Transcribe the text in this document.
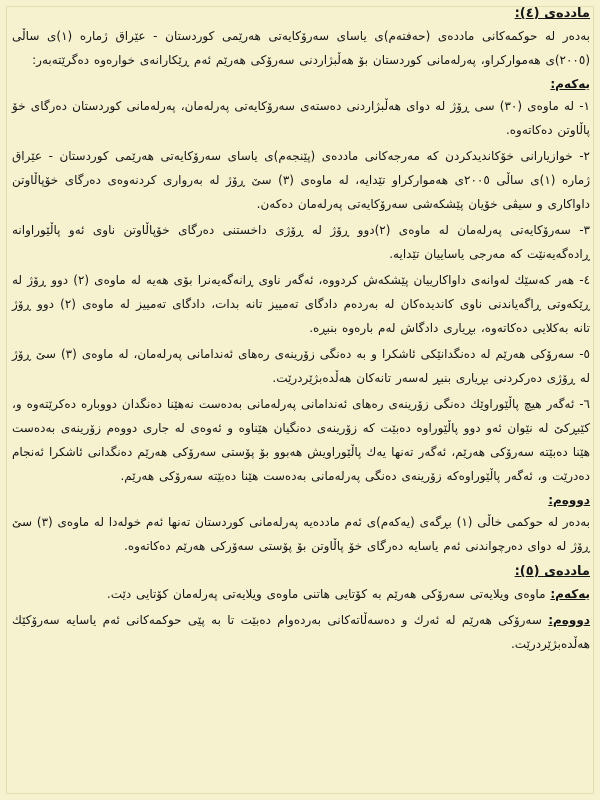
ماددەی (٤):

بەدەر لە حوکمەکانی ماددەی (حەفتەم)ی یاسای سەرۆکایەتی هەرێمی کوردستان - عێراق ژمارە (١)ی ساڵی (٢٠٠٥)ی هەموارکراو، پەرلەمانی کوردستان بۆ هەڵبژاردنی سەرۆکی هەرێم ئەم ڕێکارانەی خوارەوە دەگرێتەبەر:

یەکەم:

١- لە ماوەی (٣٠) سی ڕۆژ لە دوای هەڵبژاردنی دەستەی سەرۆکایەتی پەرلەمان، پەرلەمانی کوردستان دەرگای خۆ پاڵاوتن دەکاتەوە.

٢- خوازیارانی خۆکاندیدکردن کە مەرجەکانی ماددەی (پێنجەم)ی یاسای سەرۆکایەتی هەرێمی کوردستان - عێراق ژمارە (١)ی ساڵی ٢٠٠٥ی هەموارکراو تێدایە، لە ماوەی (٣) سێ ڕۆژ لە بەرواری کردنەوەی دەرگای خۆپاڵاوتن داواکاری و سیڤی خۆیان پێشکەشی سەرۆکایەتی پەرلەمان دەکەن.

٣- سەرۆکایەتی پەرلەمان لە ماوەی (٢)دوو ڕۆژ لە ڕۆژی داخستنی دەرگای خۆپاڵاوتن ناوی ئەو پاڵێوراوانە ڕادەگەیەنێت کە مەرجی یاساییان تێدایە.

٤- هەر کەسێك لەوانەی داواکارییان پێشکەش کردووە، ئەگەر ناوی ڕانەگەیەنرا بۆی هەیە لە ماوەی (٢) دوو ڕۆژ لە ڕێکەوتی ڕاگەیاندنی ناوی کاندیدەکان لە بەردەم دادگای تەمییز تانە بدات، دادگای تەمییز لە ماوەی (٢) دوو ڕۆژ تانە بەکلایی دەکاتەوە، بڕیاری دادگاش لەم بارەوە بنبڕە.

٥- سەرۆکی هەرێم لە دەنگدانێکی ئاشکرا و بە دەنگی زۆرینەی رەهای ئەندامانی پەرلەمان، لە ماوەی (٣) سێ ڕۆژ لە ڕۆژی دەرکردنی بڕیاری بنبڕ لەسەر تانەکان هەڵدەبژێردرێت.

٦- ئەگەر هیچ پاڵێوراوێك دەنگی زۆرینەی رەهای ئەندامانی پەرلەمانی بەدەست نەهێنا دەنگدان دووبارە دەکرێتەوە و، کێبڕکێ لە نێوان ئەو دوو پاڵێوراوە دەبێت کە زۆرینەی دەنگیان هێناوە و ئەوەی لە جاری دووەم زۆرینەی بەدەست هێنا دەبێتە سەرۆکی هەرێم، ئەگەر تەنها یەك پاڵێوراویش هەبوو بۆ پۆستی سەرۆکی هەرێم دەنگدانی ئاشکرا ئەنجام دەدرێت و، ئەگەر پاڵێوراوەکە زۆرینەی دەنگی پەرلەمانی بەدەست هێنا دەبێتە سەرۆکی هەرێم.

دووەم:

بەدەر لە حوکمی خاڵی (١) بڕگەی (یەکەم)ی ئەم ماددەیە پەرلەمانی کوردستان تەنها ئەم خولەدا لە ماوەی (٣) سێ ڕۆژ لە دوای دەرچواندنی ئەم یاسایە دەرگای خۆ پاڵاوتن بۆ پۆستی سەۆرکی هەرێم دەکاتەوە.

ماددەی (٥):

یەکەم: ماوەی ویلایەتی سەرۆکی هەرێم بە کۆتایی هاتنی ماوەی ویلایەتی پەرلەمان کۆتایی دێت.

دووەم: سەرۆکی هەرێم لە ئەرك و دەسەڵاتەکانی بەردەوام دەبێت تا بە پێی حوکمەکانی ئەم یاسایە سەرۆکێك هەڵدەبژێردرێت.
